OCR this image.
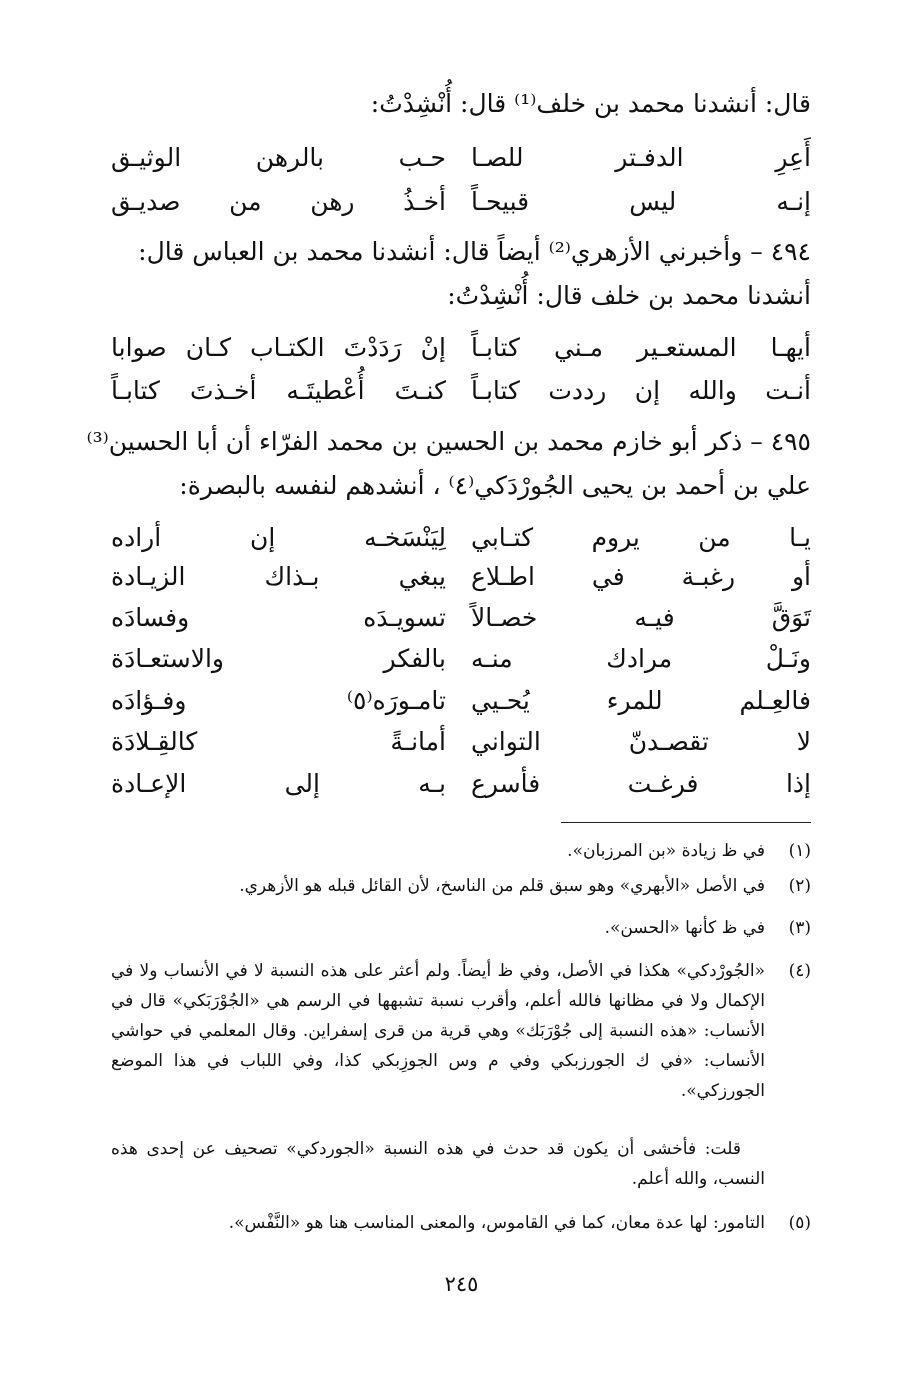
قال: أنشدنا محمد بن خلف⁽¹⁾ قال: أُنْشِدْتُ:
أَعِرِ الدفـتر للصـا
حـب بالرهن الوثيـق
إنـه ليس قبيحـاً
أخـذُ رهن من صديـق
٤٩٤ – وأخبرني الأزهري⁽²⁾ أيضاً قال: أنشدنا محمد بن العباس قال:
أنشدنا محمد بن خلف قال: أُنْشِدْتُ:
أيهـا المستعـير مـني كتابـاً
إنْ رَدَدْتَ الكتـاب كـان صوابا
أنـت والله إن رددت كتابـاً
كنـتَ أُعْطيتَـه أخـذتَ كتابـاً
٤٩٥ – ذكر أبو خازم محمد بن الحسين بن محمد الفرّاء أن أبا الحسين⁽³⁾
علي بن أحمد بن يحيى الجُورْدَكي⁽٤⁾ ، أنشدهم لنفسه بالبصرة:
يـا من يروم كتـابي
لِيَنْسَخـه إن أراده
أو رغبـة في اطـلاع
يبغي بـذاك الزيـادة
تَوَقَّ فيـه خصـالاً
تسويـدَه وفسادَه
ونَـلْ مرادك منـه
بالفكر والاستعـادَة
فالعِـلم للمرء يُحـيي
تامـورَه⁽٥⁾ وفـؤادَه
لا تقصـدنّ التواني
أمانـةً كالقِـلادَة
إذا فرغـت فأسرع
بـه إلى الإعـادة
(١)
في ظ زيادة «بن المرزبان».
(٢)
في الأصل «الأبهري» وهو سبق قلم من الناسخ، لأن القائل قبله هو الأزهري.
(٣)
في ظ كأنها «الحسن».
(٤)
«الجُورْدكي» هكذا في الأصل، وفي ظ أيضاً. ولم أعثر على هذه النسبة لا في الأنساب ولا في الإكمال ولا في مظانها فالله أعلم، وأقرب نسبة تشبهها في الرسم هي «الجُوْرَبَكي» قال في الأنساب: «هذه النسبة إلى جُوْرَبَك» وهي قرية من قرى إسفراين. وقال المعلمي في حواشي الأنساب: «في ك الجورزبكي وفي م وس الجوزِبكي كذا، وفي اللباب في هذا الموضع الجورزكي».
قلت: فأخشى أن يكون قد حدث في هذه النسبة «الجوردكي» تصحيف عن إحدى هذه النسب، والله أعلم.
(٥)
التامور: لها عدة معان، كما في القاموس، والمعنى المناسب هنا هو «النَّفْس».
٢٤٥
